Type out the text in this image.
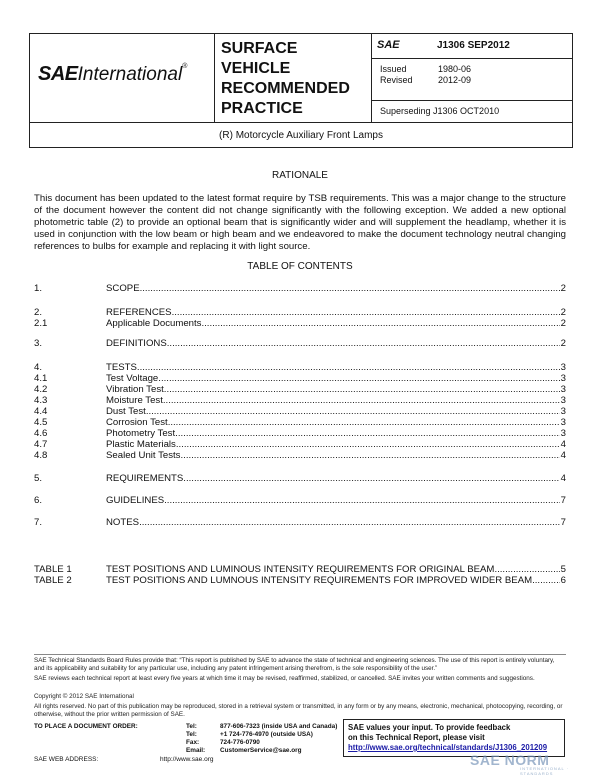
SAEInternational®
SURFACE
VEHICLE
RECOMMENDED
PRACTICE
SAE	J1306 SEP2012
Issued	1980-06
Revised	2012-09
Superseding J1306 OCT2010
(R) Motorcycle Auxiliary Front Lamps
RATIONALE
This document has been updated to the latest format require by TSB requirements. This was a major change to the structure of the document however the content did not change significantly with the following exception. We added a new optional photometric table (2) to provide an optional beam that is significantly wider and will supplement the headlamp, whether it is used in conjunction with the low beam or high beam and we endeavored to make the document technology neutral changing references to bulbs for example and replacing it with light source.
TABLE OF CONTENTS
1.	SCOPE .....	2
2.	REFERENCES .....	2
2.1	Applicable Documents .....	2
3.	DEFINITIONS .....	2
4.	TESTS .....	3
4.1	Test Voltage .....	3
4.2	Vibration Test .....	3
4.3	Moisture Test .....	3
4.4	Dust Test .....	3
4.5	Corrosion Test .....	3
4.6	Photometry Test .....	3
4.7	Plastic Materials .....	4
4.8	Sealed Unit Tests .....	4
5.	REQUIREMENTS .....	4
6.	GUIDELINES .....	7
7.	NOTES .....	7
TABLE 1	TEST POSITIONS AND LUMINOUS INTENSITY REQUIREMENTS FOR ORIGINAL BEAM .....	5
TABLE 2	TEST POSITIONS AND LUMNOUS INTENSITY REQUIREMENTS FOR IMPROVED WIDER BEAM .....	6
SAE Technical Standards Board Rules provide that: “This report is published by SAE to advance the state of technical and engineering sciences. The use of this report is entirely voluntary, and its applicability and suitability for any particular use, including any patent infringement arising therefrom, is the sole responsibility of the user.”
SAE reviews each technical report at least every five years at which time it may be revised, reaffirmed, stabilized, or cancelled. SAE invites your written comments and suggestions.
Copyright © 2012 SAE International
All rights reserved. No part of this publication may be reproduced, stored in a retrieval system or transmitted, in any form or by any means, electronic, mechanical, photocopying, recording, or otherwise, without the prior written permission of SAE.
TO PLACE A DOCUMENT ORDER:	Tel:	877-606-7323 (inside USA and Canada)
Tel:	+1 724-776-4970 (outside USA)
Fax:	724-776-0790
Email: CustomerService@sae.org
SAE WEB ADDRESS:	http://www.sae.org
SAE values your input. To provide feedback
on this Technical Report, please visit
http://www.sae.org/technical/standards/J1306_201209
SAE NORM
INTERNATIONAL · STANDARDS
